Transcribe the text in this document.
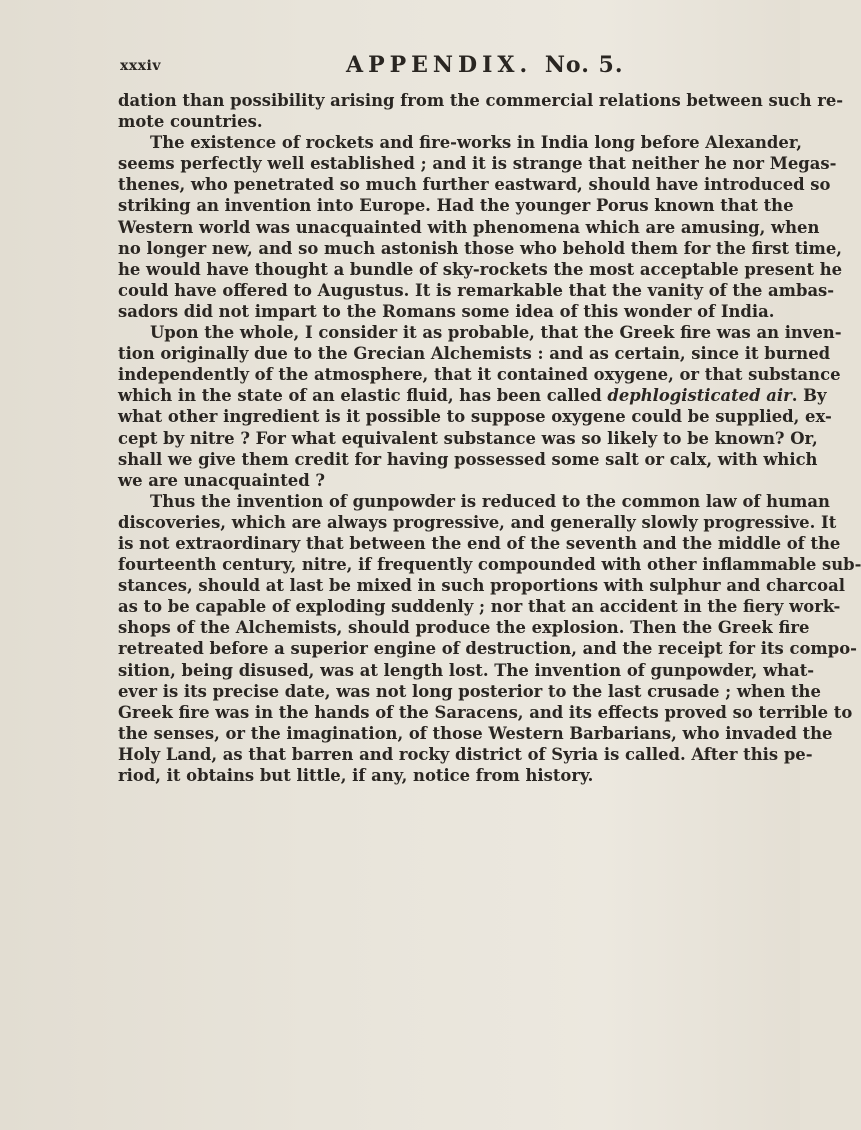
xxxiv	APPENDIX. No. 5.

dation than possibility arising from the commercial relations between such re-
mote countries.

The existence of rockets and fire-works in India long before Alexander,
seems perfectly well established ; and it is strange that neither he nor Megas-
thenes, who penetrated so much further eastward, should have introduced so
striking an invention into Europe. Had the younger Porus known that the
Western world was unacquainted with phenomena which are amusing, when
no longer new, and so much astonish those who behold them for the first time,
he would have thought a bundle of sky-rockets the most acceptable present he
could have offered to Augustus. It is remarkable that the vanity of the ambas-
sadors did not impart to the Romans some idea of this wonder of India.

Upon the whole, I consider it as probable, that the Greek fire was an inven-
tion originally due to the Grecian Alchemists : and as certain, since it burned
independently of the atmosphere, that it contained oxygene, or that substance
which in the state of an elastic fluid, has been called dephlogisticated air. By
what other ingredient is it possible to suppose oxygene could be supplied, ex-
cept by nitre ? For what equivalent substance was so likely to be known? Or,
shall we give them credit for having possessed some salt or calx, with which
we are unacquainted ?

Thus the invention of gunpowder is reduced to the common law of human
discoveries, which are always progressive, and generally slowly progressive. It
is not extraordinary that between the end of the seventh and the middle of the
fourteenth century, nitre, if frequently compounded with other inflammable sub-
stances, should at last be mixed in such proportions with sulphur and charcoal
as to be capable of exploding suddenly ; nor that an accident in the fiery work-
shops of the Alchemists, should produce the explosion. Then the Greek fire
retreated before a superior engine of destruction, and the receipt for its compo-
sition, being disused, was at length lost. The invention of gunpowder, what-
ever is its precise date, was not long posterior to the last crusade ; when the
Greek fire was in the hands of the Saracens, and its effects proved so terrible to
the senses, or the imagination, of those Western Barbarians, who invaded the
Holy Land, as that barren and rocky district of Syria is called. After this pe-
riod, it obtains but little, if any, notice from history.
